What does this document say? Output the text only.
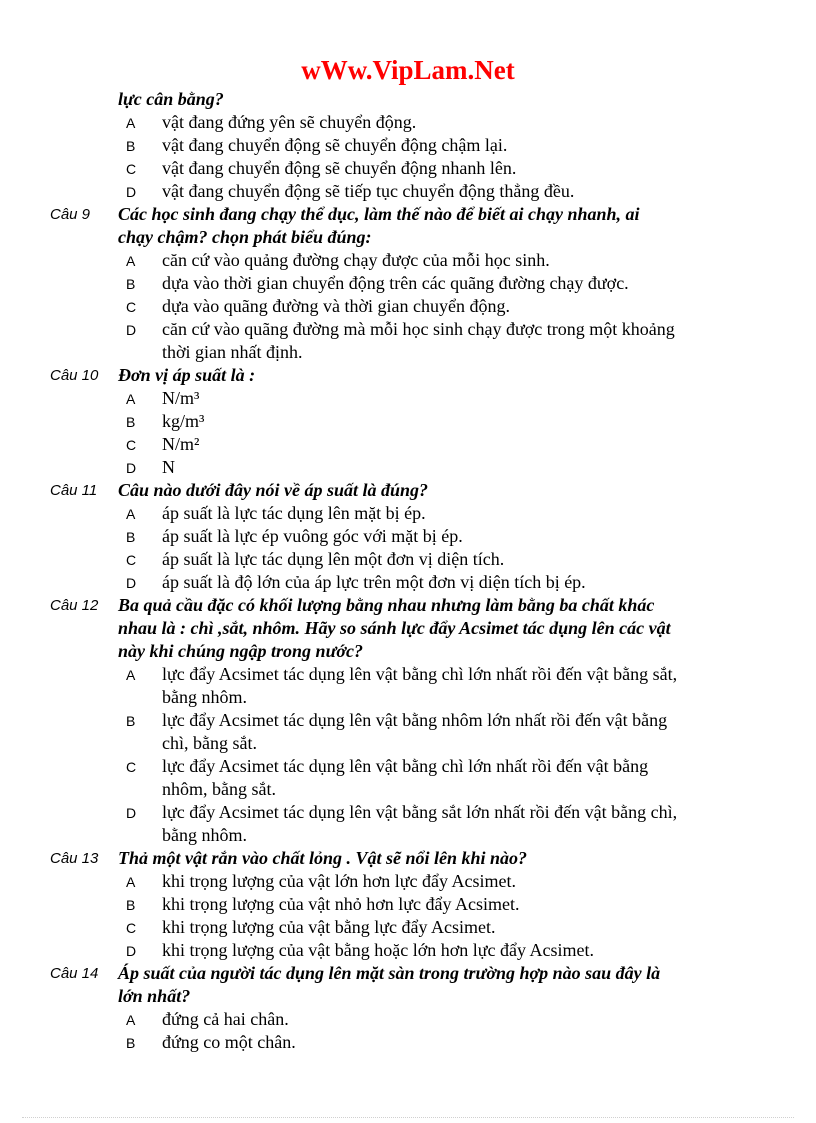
wWw.VipLam.Net
lực cân bằng?
A vật đang đứng yên sẽ chuyển động.
B vật đang chuyển động sẽ chuyển động chậm lại.
C vật đang chuyển động sẽ chuyển động nhanh lên.
D vật đang chuyển động sẽ tiếp tục chuyển động thẳng đều.
Câu 9 Các học sinh đang chạy thể dục, làm thế nào để biết ai chạy nhanh, ai chạy chậm? chọn phát biểu đúng:
A căn cứ vào quảng đường chạy được của mỗi học sinh.
B dựa vào thời gian chuyển động trên các quãng đường chạy được.
C dựa vào quãng đường và thời gian chuyển động.
D căn cứ vào quãng đường mà mỗi học sinh chạy được trong một khoảng thời gian nhất định.
Câu 10 Đơn vị áp suất là :
A N/m³
B kg/m³
C N/m²
D N
Câu 11 Câu nào dưới đây nói về áp suất là đúng?
A áp suất là lực tác dụng lên mặt bị ép.
B áp suất là lực ép vuông góc với mặt bị ép.
C áp suất là lực tác dụng lên một đơn vị diện tích.
D áp suất là độ lớn của áp lực trên một đơn vị diện tích bị ép.
Câu 12 Ba quả cầu đặc có khối lượng bằng nhau nhưng làm bằng ba chất khác nhau là : chì ,sắt, nhôm. Hãy so sánh lực đẩy Acsimet tác dụng lên các vật này khi chúng ngập trong nước?
A lực đẩy Acsimet tác dụng lên vật bằng chì lớn nhất rồi đến vật bằng sắt, bằng nhôm.
B lực đẩy Acsimet tác dụng lên vật bằng nhôm lớn nhất rồi đến vật bằng chì, bằng sắt.
C lực đẩy Acsimet tác dụng lên vật bằng chì lớn nhất rồi đến vật bằng nhôm, bằng sắt.
D lực đẩy Acsimet tác dụng lên vật bằng sắt lớn nhất rồi đến vật bằng chì, bằng nhôm.
Câu 13 Thả một vật rắn vào chất lỏng . Vật sẽ nổi lên khi nào?
A khi trọng lượng của vật lớn hơn lực đẩy Acsimet.
B khi trọng lượng của vật nhỏ hơn lực đẩy Acsimet.
C khi trọng lượng của vật bằng lực đẩy Acsimet.
D khi trọng lượng của vật bằng hoặc lớn hơn lực đẩy Acsimet.
Câu 14 Áp suất của người tác dụng lên mặt sàn trong trường hợp nào sau đây là lớn nhất?
A đứng cả hai chân.
B đứng co một chân.
